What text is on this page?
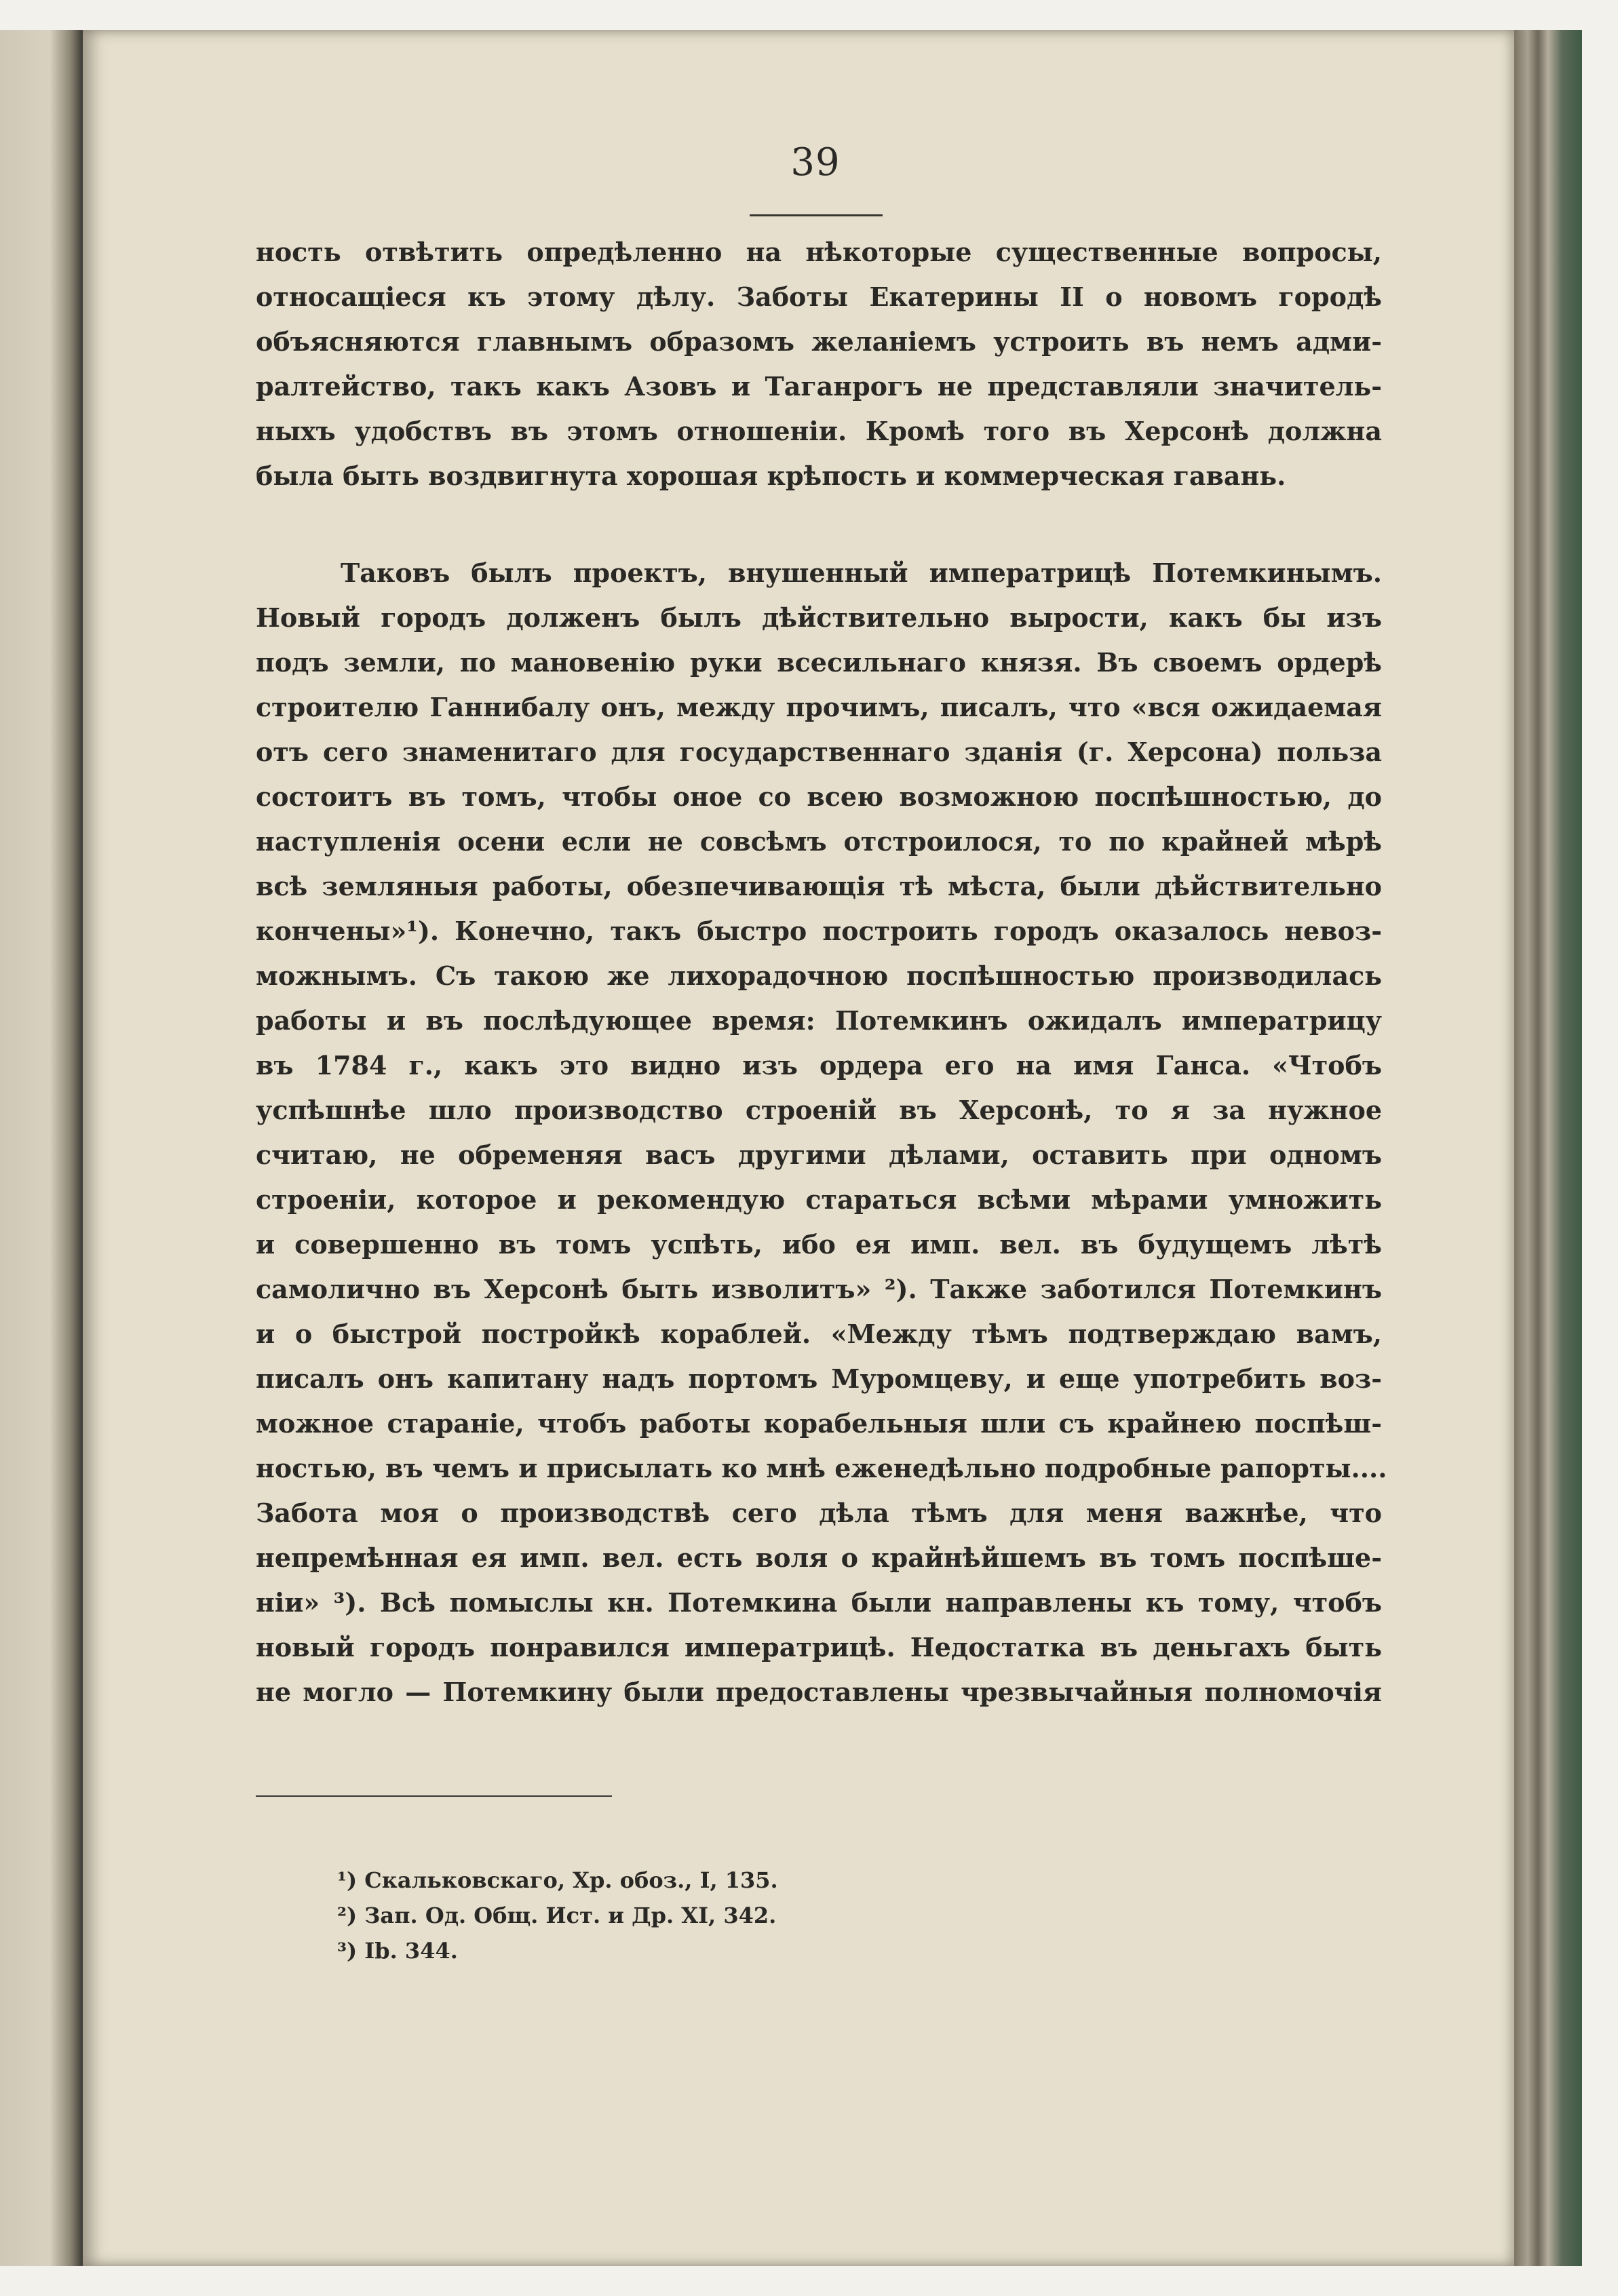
39
ность отвѣтить опредѣленно на нѣкоторые существенные вопросы,
относащіеся къ этому дѣлу. Заботы Екатерины II о новомъ городѣ
объясняются главнымъ образомъ желаніемъ устроить въ немъ адми-
ралтейство, такъ какъ Азовъ и Таганрогъ не представляли значитель-
ныхъ удобствъ въ этомъ отношеніи. Кромѣ того въ Херсонѣ должна
была быть воздвигнута хорошая крѣпость и коммерческая гавань.
Таковъ былъ проектъ, внушенный императрицѣ Потемкинымъ.
Новый городъ долженъ былъ дѣйствительно вырости, какъ бы изъ
подъ земли, по мановенію руки всесильнаго князя. Въ своемъ ордерѣ
строителю Ганнибалу онъ, между прочимъ, писалъ, что «вся ожидаемая
отъ сего знаменитаго для государственнаго зданія (г. Херсона) польза
состоитъ въ томъ, чтобы оное со всею возможною поспѣшностью, до
наступленія осени если не совсѣмъ отстроилося, то по крайней мѣрѣ
всѣ земляныя работы, обезпечивающія тѣ мѣста, были дѣйствительно
кончены»¹). Конечно, такъ быстро построить городъ оказалось невоз-
можнымъ. Съ такою же лихорадочною поспѣшностью производилась
работы и въ послѣдующее время: Потемкинъ ожидалъ императрицу
въ 1784 г., какъ это видно изъ ордера его на имя Ганса. «Чтобъ
успѣшнѣе шло производство строеній въ Херсонѣ, то я за нужное
считаю, не обременяя васъ другими дѣлами, оставить при одномъ
строеніи, которое и рекомендую стараться всѣми мѣрами умножить
и совершенно въ томъ успѣть, ибо ея имп. вел. въ будущемъ лѣтѣ
самолично въ Херсонѣ быть изволитъ» ²). Также заботился Потемкинъ
и о быстрой постройкѣ кораблей. «Между тѣмъ подтверждаю вамъ,
писалъ онъ капитану надъ портомъ Муромцеву, и еще употребить воз-
можное стараніе, чтобъ работы корабельныя шли съ крайнею поспѣш-
ностью, въ чемъ и присылать ко мнѣ еженедѣльно подробные рапорты....
Забота моя о производствѣ сего дѣла тѣмъ для меня важнѣе, что
непремѣнная ея имп. вел. есть воля о крайнѣйшемъ въ томъ поспѣше-
ніи» ³). Всѣ помыслы кн. Потемкина были направлены къ тому, чтобъ
новый городъ понравился императрицѣ. Недостатка въ деньгахъ быть
не могло — Потемкину были предоставлены чрезвычайныя полномочія
¹) Скальковскаго, Хр. обоз., I, 135.
²) Зап. Од. Общ. Ист. и Др. XI, 342.
³) Ib. 344.
